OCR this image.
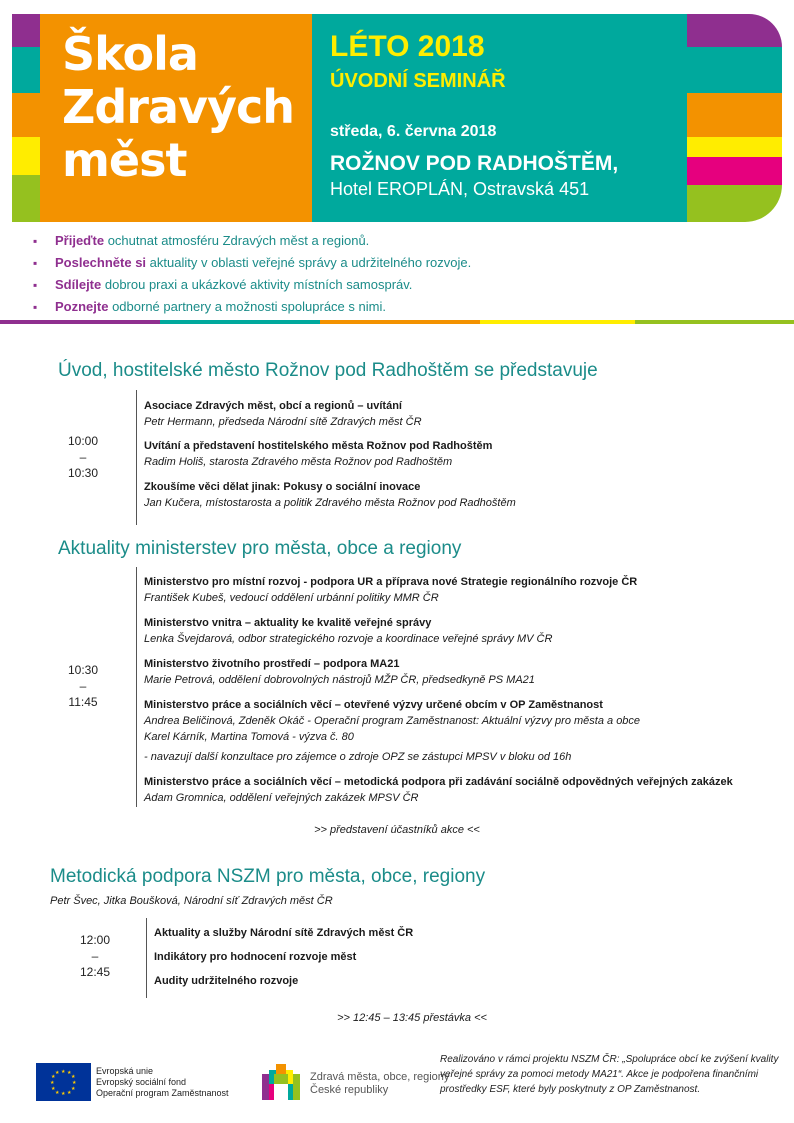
Škola
Zdravých
měst
LÉTO 2018
ÚVODNÍ SEMINÁŘ
středa, 6. června 2018
ROŽNOV POD RADHOŠTĚM,
Hotel EROPLÁN, Ostravská 451
▪ Přijeďte ochutnat atmosféru Zdravých měst a regionů.
▪ Poslechněte si aktuality v oblasti veřejné správy a udržitelného rozvoje.
▪ Sdílejte dobrou praxi a ukázkové aktivity místních samospráv.
▪ Poznejte odborné partnery a možnosti spolupráce s nimi.
Úvod, hostitelské město Rožnov pod Radhoštěm se představuje
10:00
–
10:30
Asociace Zdravých měst, obcí a regionů – uvítání
Petr Hermann, předseda Národní sítě Zdravých měst ČR
Uvítání a představení hostitelského města Rožnov pod Radhoštěm
Radim Holiš, starosta Zdravého města Rožnov pod Radhoštěm
Zkoušíme věci dělat jinak: Pokusy o sociální inovace
Jan Kučera, místostarosta a politik Zdravého města Rožnov pod Radhoštěm
Aktuality ministerstev pro města, obce a regiony
10:30
–
11:45
Ministerstvo pro místní rozvoj - podpora UR a příprava nové Strategie regionálního rozvoje ČR
František Kubeš, vedoucí oddělení urbánní politiky MMR ČR
Ministerstvo vnitra – aktuality ke kvalitě veřejné správy
Lenka Švejdarová, odbor strategického rozvoje a koordinace veřejné správy MV ČR
Ministerstvo životního prostředí – podpora MA21
Marie Petrová, oddělení dobrovolných nástrojů MŽP ČR, předsedkyně PS MA21
Ministerstvo práce a sociálních věcí – otevřené výzvy určené obcím v OP Zaměstnanost
Andrea Beličinová, Zdeněk Okáč - Operační program Zaměstnanost: Aktuální výzvy pro města a obce
Karel Kárník, Martina Tomová - výzva č. 80
- navazují další konzultace pro zájemce o zdroje OPZ se zástupci MPSV v bloku od 16h
Ministerstvo práce a sociálních věcí – metodická podpora při zadávání sociálně odpovědných veřejných zakázek
Adam Gromnica, oddělení veřejných zakázek MPSV ČR
>> představení účastníků akce <<
Metodická podpora NSZM pro města, obce, regiony
Petr Švec, Jitka Boušková, Národní síť Zdravých měst ČR
12:00
–
12:45
Aktuality a služby Národní sítě Zdravých měst ČR
Indikátory pro hodnocení rozvoje měst
Audity udržitelného rozvoje
>> 12:45 – 13:45 přestávka <<
★ ★
★
★
★
★
★
★
★
★
★
★	Evropská unie
Evropský sociální fond
Operační program Zaměstnanost
Zdravá města, obce, regiony
České republiky
Realizováno v rámci projektu NSZM ČR: „Spolupráce obcí ke zvýšení kvality veřejné správy za pomoci metody MA21“. Akce je podpořena finančními prostředky ESF, které byly poskytnuty z OP Zaměstnanost.
